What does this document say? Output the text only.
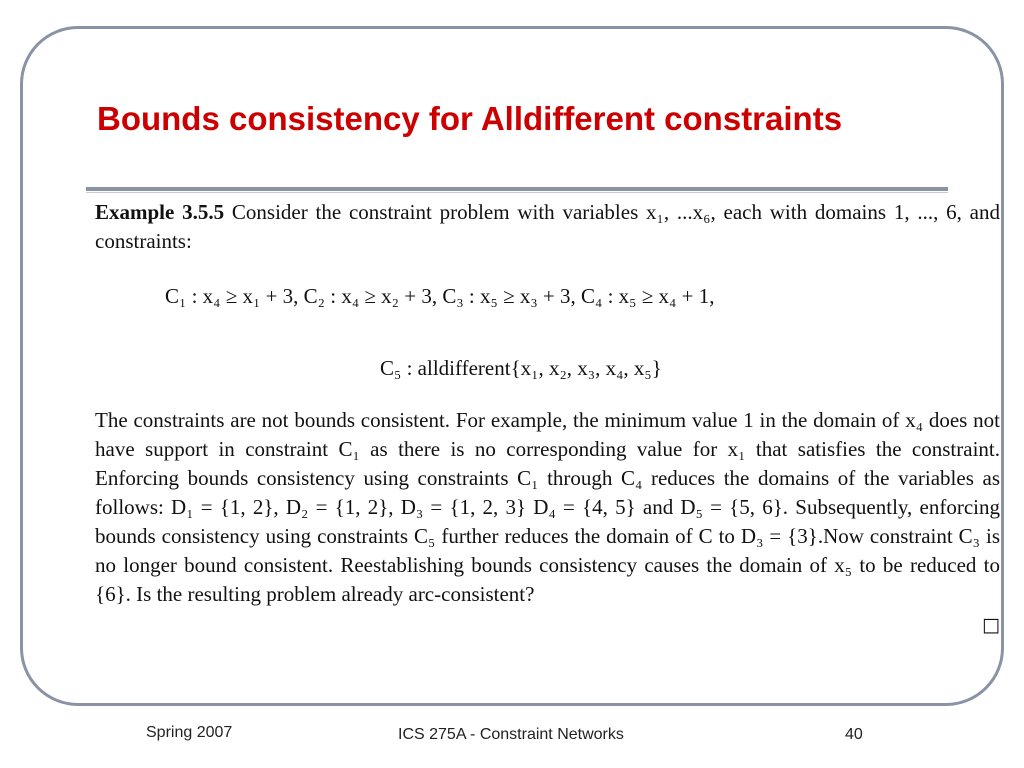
Bounds consistency for Alldifferent constraints

Example 3.5.5 Consider the constraint problem with variables x₁, ...x₆, each with domains 1, ..., 6, and constraints:

C₁ : x₄ ≥ x₁ + 3, C₂ : x₄ ≥ x₂ + 3, C₃ : x₅ ≥ x₃ + 3, C₄ : x₅ ≥ x₄ + 1,

C₅ : alldifferent{x₁, x₂, x₃, x₄, x₅}

The constraints are not bounds consistent. For example, the minimum value 1 in the domain of x₄ does not have support in constraint C₁ as there is no corresponding value for x₁ that satisfies the constraint. Enforcing bounds consistency using constraints C₁ through C₄ reduces the domains of the variables as follows: D₁ = {1, 2}, D₂ = {1, 2}, D₃ = {1, 2, 3} D₄ = {4, 5} and D₅ = {5, 6}. Subsequently, enforcing bounds consistency using constraints C₅ further reduces the domain of C to D₃ = {3}.Now constraint C₃ is no longer bound consistent. Reestablishing bounds consistency causes the domain of x₅ to be reduced to {6}. Is the resulting problem already arc-consistent?

□
Spring 2007	ICS 275A - Constraint Networks	40
